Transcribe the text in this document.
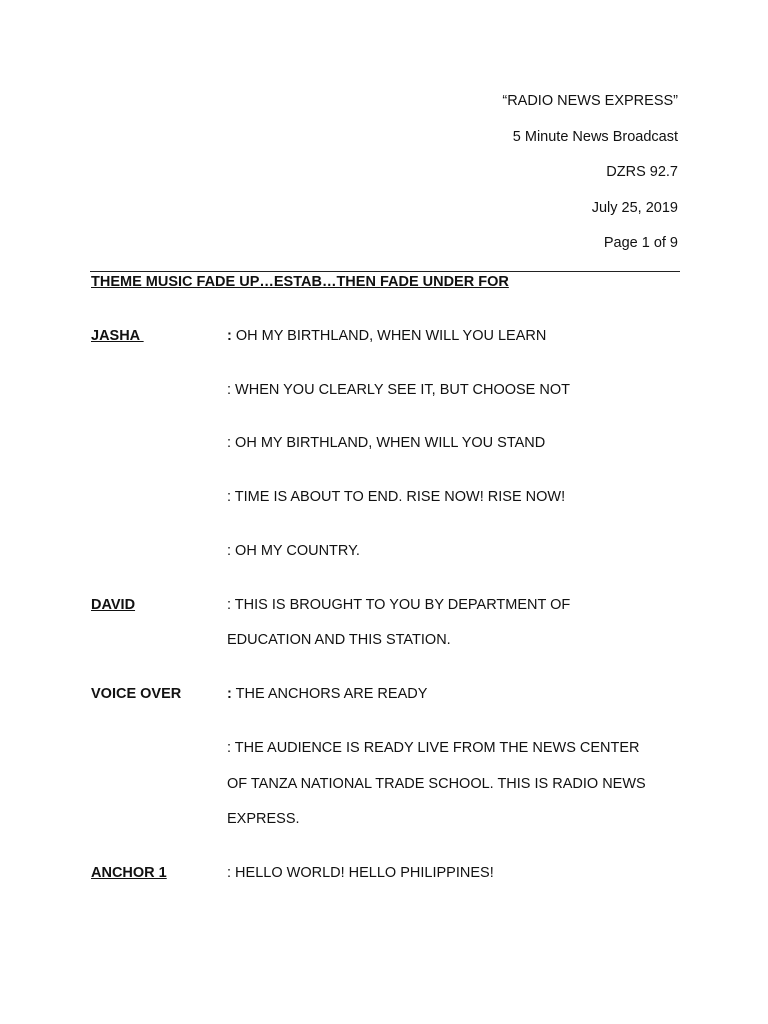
“RADIO NEWS EXPRESS”
5 Minute News Broadcast
DZRS 92.7
July 25, 2019
Page 1 of 9
THEME MUSIC FADE UP…ESTAB…THEN FADE UNDER FOR
JASHA	: OH MY BIRTHLAND, WHEN WILL YOU LEARN
: WHEN YOU CLEARLY SEE IT, BUT CHOOSE NOT
: OH MY BIRTHLAND, WHEN WILL YOU STAND
: TIME IS ABOUT TO END. RISE NOW! RISE NOW!
: OH MY COUNTRY.
DAVID	: THIS IS BROUGHT TO YOU BY DEPARTMENT OF
EDUCATION AND THIS STATION.
VOICE OVER	: THE ANCHORS ARE READY
: THE AUDIENCE IS READY LIVE FROM THE NEWS CENTER
OF TANZA NATIONAL TRADE SCHOOL. THIS IS RADIO NEWS
EXPRESS.
ANCHOR 1	: HELLO WORLD! HELLO PHILIPPINES!
